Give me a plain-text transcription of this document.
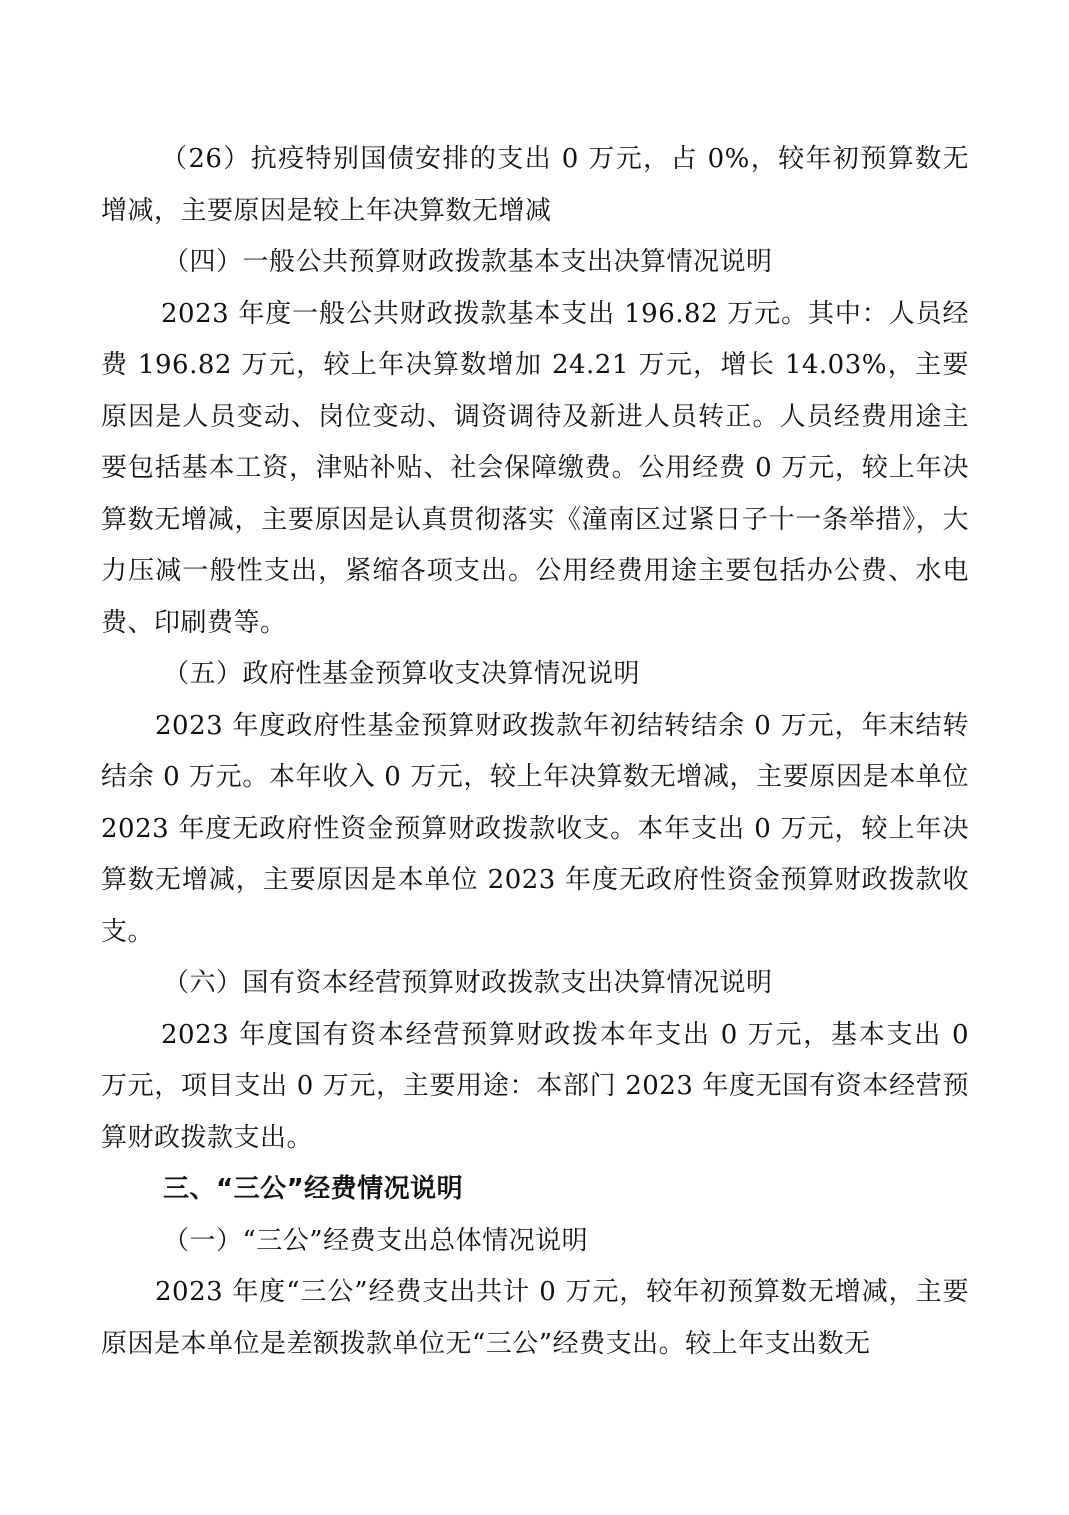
（26）抗疫特别国债安排的支出 0 万元，占 0%，较年初预算数无增减，主要原因是较上年决算数无增减

（四）一般公共预算财政拨款基本支出决算情况说明

2023 年度一般公共财政拨款基本支出 196.82 万元。其中：人员经费 196.82 万元，较上年决算数增加 24.21 万元，增长 14.03%，主要原因是人员变动、岗位变动、调资调待及新进人员转正。人员经费用途主要包括基本工资，津贴补贴、社会保障缴费。公用经费 0 万元，较上年决算数无增减，主要原因是认真贯彻落实《潼南区过紧日子十一条举措》，大力压减一般性支出，紧缩各项支出。公用经费用途主要包括办公费、水电费、印刷费等。

（五）政府性基金预算收支决算情况说明

2023 年度政府性基金预算财政拨款年初结转结余 0 万元，年末结转结余 0 万元。本年收入 0 万元，较上年决算数无增减，主要原因是本单位 2023 年度无政府性资金预算财政拨款收支。本年支出 0 万元，较上年决算数无增减，主要原因是本单位 2023 年度无政府性资金预算财政拨款收支。

（六）国有资本经营预算财政拨款支出决算情况说明

2023 年度国有资本经营预算财政拨本年支出 0 万元，基本支出 0 万元，项目支出 0 万元，主要用途：本部门 2023 年度无国有资本经营预算财政拨款支出。

三、“三公”经费情况说明
（一）“三公”经费支出总体情况说明

2023 年度“三公”经费支出共计 0 万元，较年初预算数无增减，主要原因是本单位是差额拨款单位无“三公”经费支出。较上年支出数无
